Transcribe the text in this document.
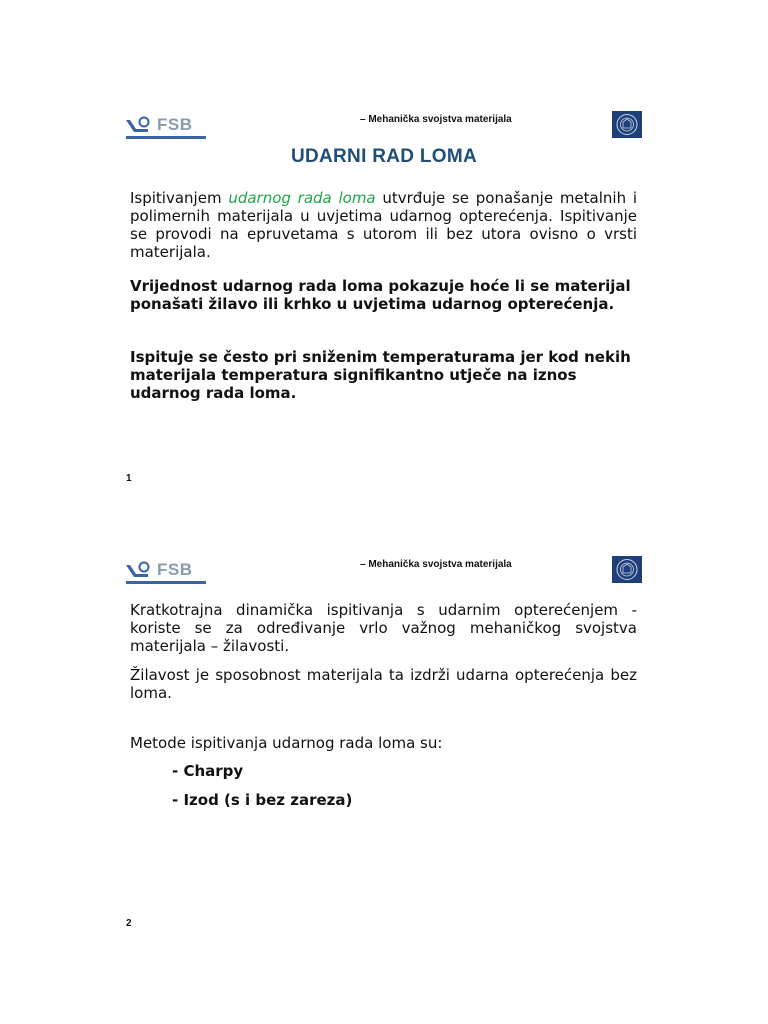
FSB	– Mehanička svojstva materijala
UDARNI RAD LOMA
Ispitivanjem udarnog rada loma utvrđuje se ponašanje metalnih i polimernih materijala u uvjetima udarnog opterećenja. Ispitivanje se provodi na epruvetama s utorom ili bez utora ovisno o vrsti materijala.
Vrijednost udarnog rada loma pokazuje hoće li se materijal ponašati žilavo ili krhko u uvjetima udarnog opterećenja.
Ispituje se često pri sniženim temperaturama jer kod nekih materijala temperatura signifikantno utječe na iznos udarnog rada loma.
1
FSB	– Mehanička svojstva materijala
Kratkotrajna dinamička ispitivanja s udarnim opterećenjem - koriste se za određivanje vrlo važnog mehaničkog svojstva materijala – žilavosti.
Žilavost je sposobnost materijala ta izdrži udarna opterećenja bez loma.
Metode ispitivanja udarnog rada loma su:
- Charpy
- Izod (s i bez zareza)
2
